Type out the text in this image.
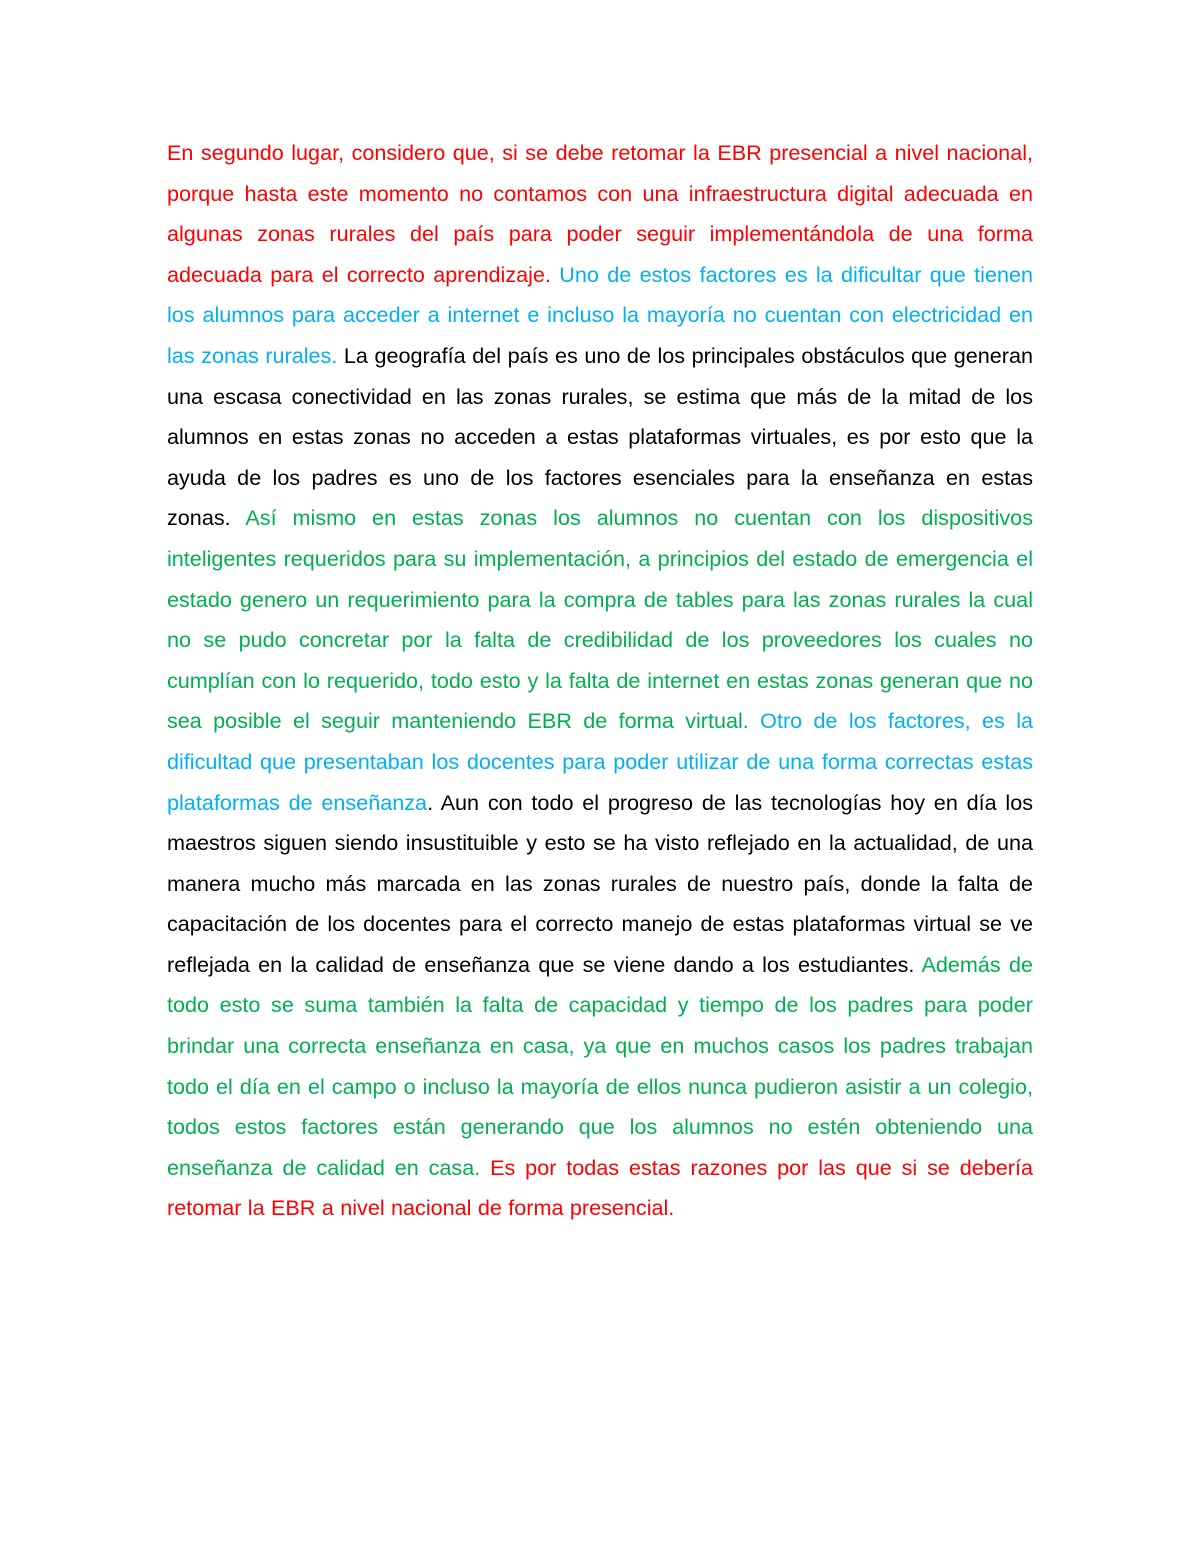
En segundo lugar, considero que, si se debe retomar la EBR presencial a nivel nacional, porque hasta este momento no contamos con una infraestructura digital adecuada en algunas zonas rurales del país para poder seguir implementándola de una forma adecuada para el correcto aprendizaje. Uno de estos factores es la dificultar que tienen los alumnos para acceder a internet e incluso la mayoría no cuentan con electricidad en las zonas rurales. La geografía del país es uno de los principales obstáculos que generan una escasa conectividad en las zonas rurales, se estima que más de la mitad de los alumnos en estas zonas no acceden a estas plataformas virtuales, es por esto que la ayuda de los padres es uno de los factores esenciales para la enseñanza en estas zonas. Así mismo en estas zonas los alumnos no cuentan con los dispositivos inteligentes requeridos para su implementación, a principios del estado de emergencia el estado genero un requerimiento para la compra de tables para las zonas rurales la cual no se pudo concretar por la falta de credibilidad de los proveedores los cuales no cumplían con lo requerido, todo esto y la falta de internet en estas zonas generan que no sea posible el seguir manteniendo EBR de forma virtual. Otro de los factores, es la dificultad que presentaban los docentes para poder utilizar de una forma correctas estas plataformas de enseñanza. Aun con todo el progreso de las tecnologías hoy en día los maestros siguen siendo insustituible y esto se ha visto reflejado en la actualidad, de una manera mucho más marcada en las zonas rurales de nuestro país, donde la falta de capacitación de los docentes para el correcto manejo de estas plataformas virtual se ve reflejada en la calidad de enseñanza que se viene dando a los estudiantes. Además de todo esto se suma también la falta de capacidad y tiempo de los padres para poder brindar una correcta enseñanza en casa, ya que en muchos casos los padres trabajan todo el día en el campo o incluso la mayoría de ellos nunca pudieron asistir a un colegio, todos estos factores están generando que los alumnos no estén obteniendo una enseñanza de calidad en casa. Es por todas estas razones por las que si se debería retomar la EBR a nivel nacional de forma presencial.
